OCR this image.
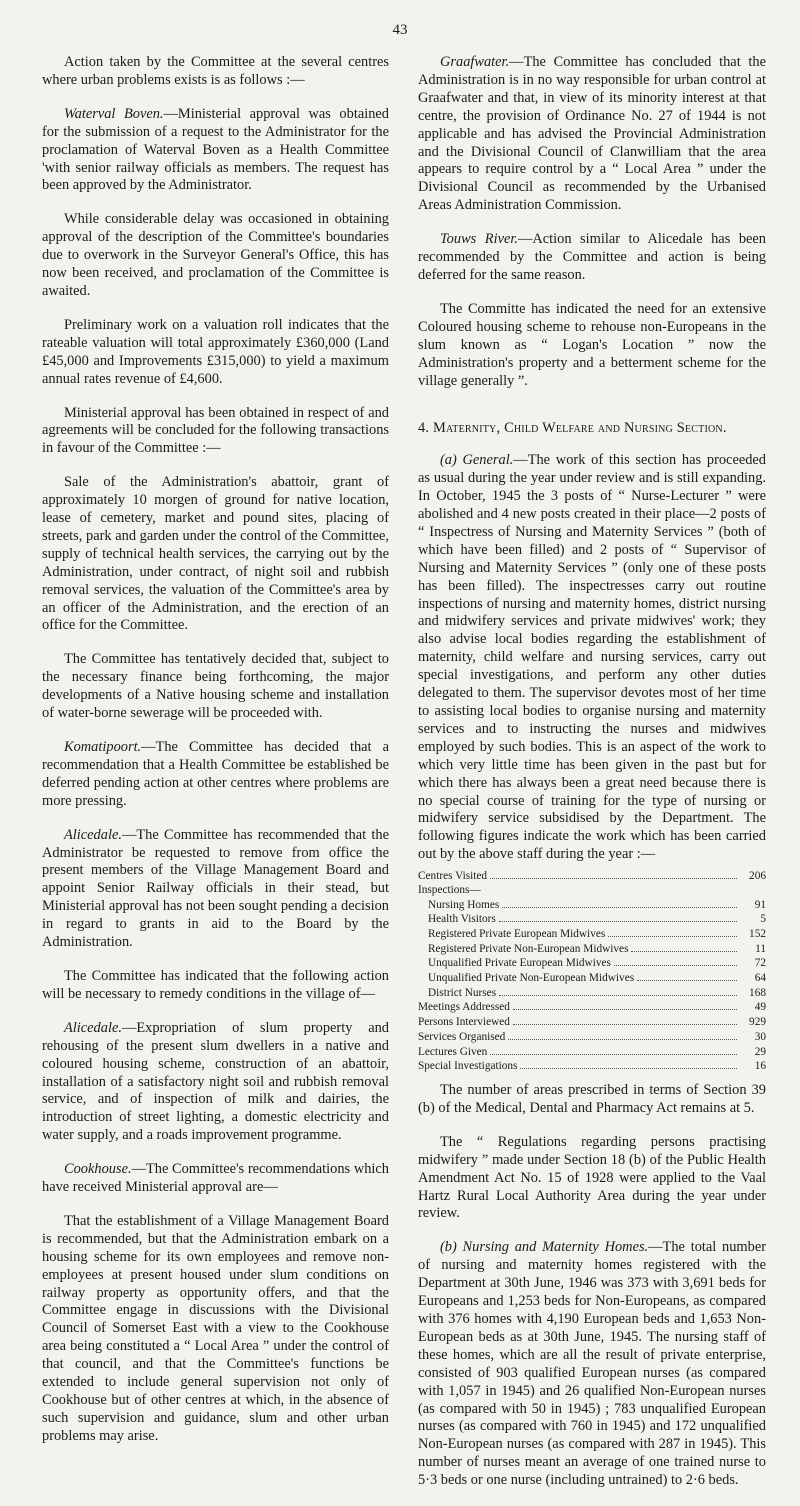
43

Action taken by the Committee at the several centres where urban problems exists is as follows :—

Waterval Boven.—Ministerial approval was obtained for the submission of a request to the Administrator for the proclamation of Waterval Boven as a Health Committee 'with senior railway officials as members. The request has been approved by the Administrator.

While considerable delay was occasioned in obtaining approval of the description of the Committee's boundaries due to overwork in the Surveyor General's Office, this has now been received, and proclamation of the Committee is awaited.

Preliminary work on a valuation roll indicates that the rateable valuation will total approximately £360,000 (Land £45,000 and Improvements £315,000) to yield a maximum annual rates revenue of £4,600.

Ministerial approval has been obtained in respect of and agreements will be concluded for the following transactions in favour of the Committee :—

Sale of the Administration's abattoir, grant of approximately 10 morgen of ground for native location, lease of cemetery, market and pound sites, placing of streets, park and garden under the control of the Committee, supply of technical health services, the carrying out by the Administration, under contract, of night soil and rubbish removal services, the valuation of the Committee's area by an officer of the Administration, and the erection of an office for the Committee.

The Committee has tentatively decided that, subject to the necessary finance being forthcoming, the major developments of a Native housing scheme and installation of water-borne sewerage will be proceeded with.

Komatipoort.—The Committee has decided that a recommendation that a Health Committee be established be deferred pending action at other centres where problems are more pressing.

Alicedale.—The Committee has recommended that the Administrator be requested to remove from office the present members of the Village Management Board and appoint Senior Railway officials in their stead, but Ministerial approval has not been sought pending a decision in regard to grants in aid to the Board by the Administration.

The Committee has indicated that the following action will be necessary to remedy conditions in the village of—

Alicedale.—Expropriation of slum property and rehousing of the present slum dwellers in a native and coloured housing scheme, construction of an abattoir, installation of a satisfactory night soil and rubbish removal service, and of inspection of milk and dairies, the introduction of street lighting, a domestic electricity and water supply, and a roads improvement programme.

Cookhouse.—The Committee's recommendations which have received Ministerial approval are—

That the establishment of a Village Management Board is recommended, but that the Administration embark on a housing scheme for its own employees and remove non-employees at present housed under slum conditions on railway property as opportunity offers, and that the Committee engage in discussions with the Divisional Council of Somerset East with a view to the Cookhouse area being constituted a “ Local Area ” under the control of that council, and that the Committee's functions be extended to include general supervision not only of Cookhouse but of other centres at which, in the absence of such supervision and guidance, slum and other urban problems may arise.

Graafwater.—The Committee has concluded that the Administration is in no way responsible for urban control at Graafwater and that, in view of its minority interest at that centre, the provision of Ordinance No. 27 of 1944 is not applicable and has advised the Provincial Administration and the Divisional Council of Clanwilliam that the area appears to require control by a “ Local Area ” under the Divisional Council as recommended by the Urbanised Areas Administration Commission.

Touws River.—Action similar to Alicedale has been recommended by the Committee and action is being deferred for the same reason.

The Committe has indicated the need for an extensive Coloured housing scheme to rehouse non-Europeans in the slum known as “ Logan's Location ” now the Administration's property and a betterment scheme for the village generally ”.

4. Maternity, Child Welfare and Nursing Section.

(a) General.—The work of this section has proceeded as usual during the year under review and is still expanding. In October, 1945 the 3 posts of “ Nurse-Lecturer ” were abolished and 4 new posts created in their place—2 posts of “ Inspectress of Nursing and Maternity Services ” (both of which have been filled) and 2 posts of “ Supervisor of Nursing and Maternity Services ” (only one of these posts has been filled). The inspectresses carry out routine inspections of nursing and maternity homes, district nursing and midwifery services and private midwives' work; they also advise local bodies regarding the establishment of maternity, child welfare and nursing services, carry out special investigations, and perform any other duties delegated to them. The supervisor devotes most of her time to assisting local bodies to organise nursing and maternity services and to instructing the nurses and midwives employed by such bodies. This is an aspect of the work to which very little time has been given in the past but for which there has always been a great need because there is no special course of training for the type of nursing or midwifery service subsidised by the Department. The following figures indicate the work which has been carried out by the above staff during the year :—

Centres Visited	206
Inspections—
Nursing Homes	91
Health Visitors	5
Registered Private European Midwives	152
Registered Private Non-European Midwives	11
Unqualified Private European Midwives	72
Unqualified Private Non-European Midwives	64
District Nurses	168
Meetings Addressed	49
Persons Interviewed	929
Services Organised	30
Lectures Given	29
Special Investigations	16

The number of areas prescribed in terms of Section 39 (b) of the Medical, Dental and Pharmacy Act remains at 5.

The “ Regulations regarding persons practising midwifery ” made under Section 18 (b) of the Public Health Amendment Act No. 15 of 1928 were applied to the Vaal Hartz Rural Local Authority Area during the year under review.

(b) Nursing and Maternity Homes.—The total number of nursing and maternity homes registered with the Department at 30th June, 1946 was 373 with 3,691 beds for Europeans and 1,253 beds for Non-Europeans, as compared with 376 homes with 4,190 European beds and 1,653 Non-European beds as at 30th June, 1945. The nursing staff of these homes, which are all the result of private enterprise, consisted of 903 qualified European nurses (as compared with 1,057 in 1945) and 26 qualified Non-European nurses (as compared with 50 in 1945) ; 783 unqualified European nurses (as compared with 760 in 1945) and 172 unqualified Non-European nurses (as compared with 287 in 1945). This number of nurses meant an average of one trained nurse to 5·3 beds or one nurse (including untrained) to 2·6 beds.
